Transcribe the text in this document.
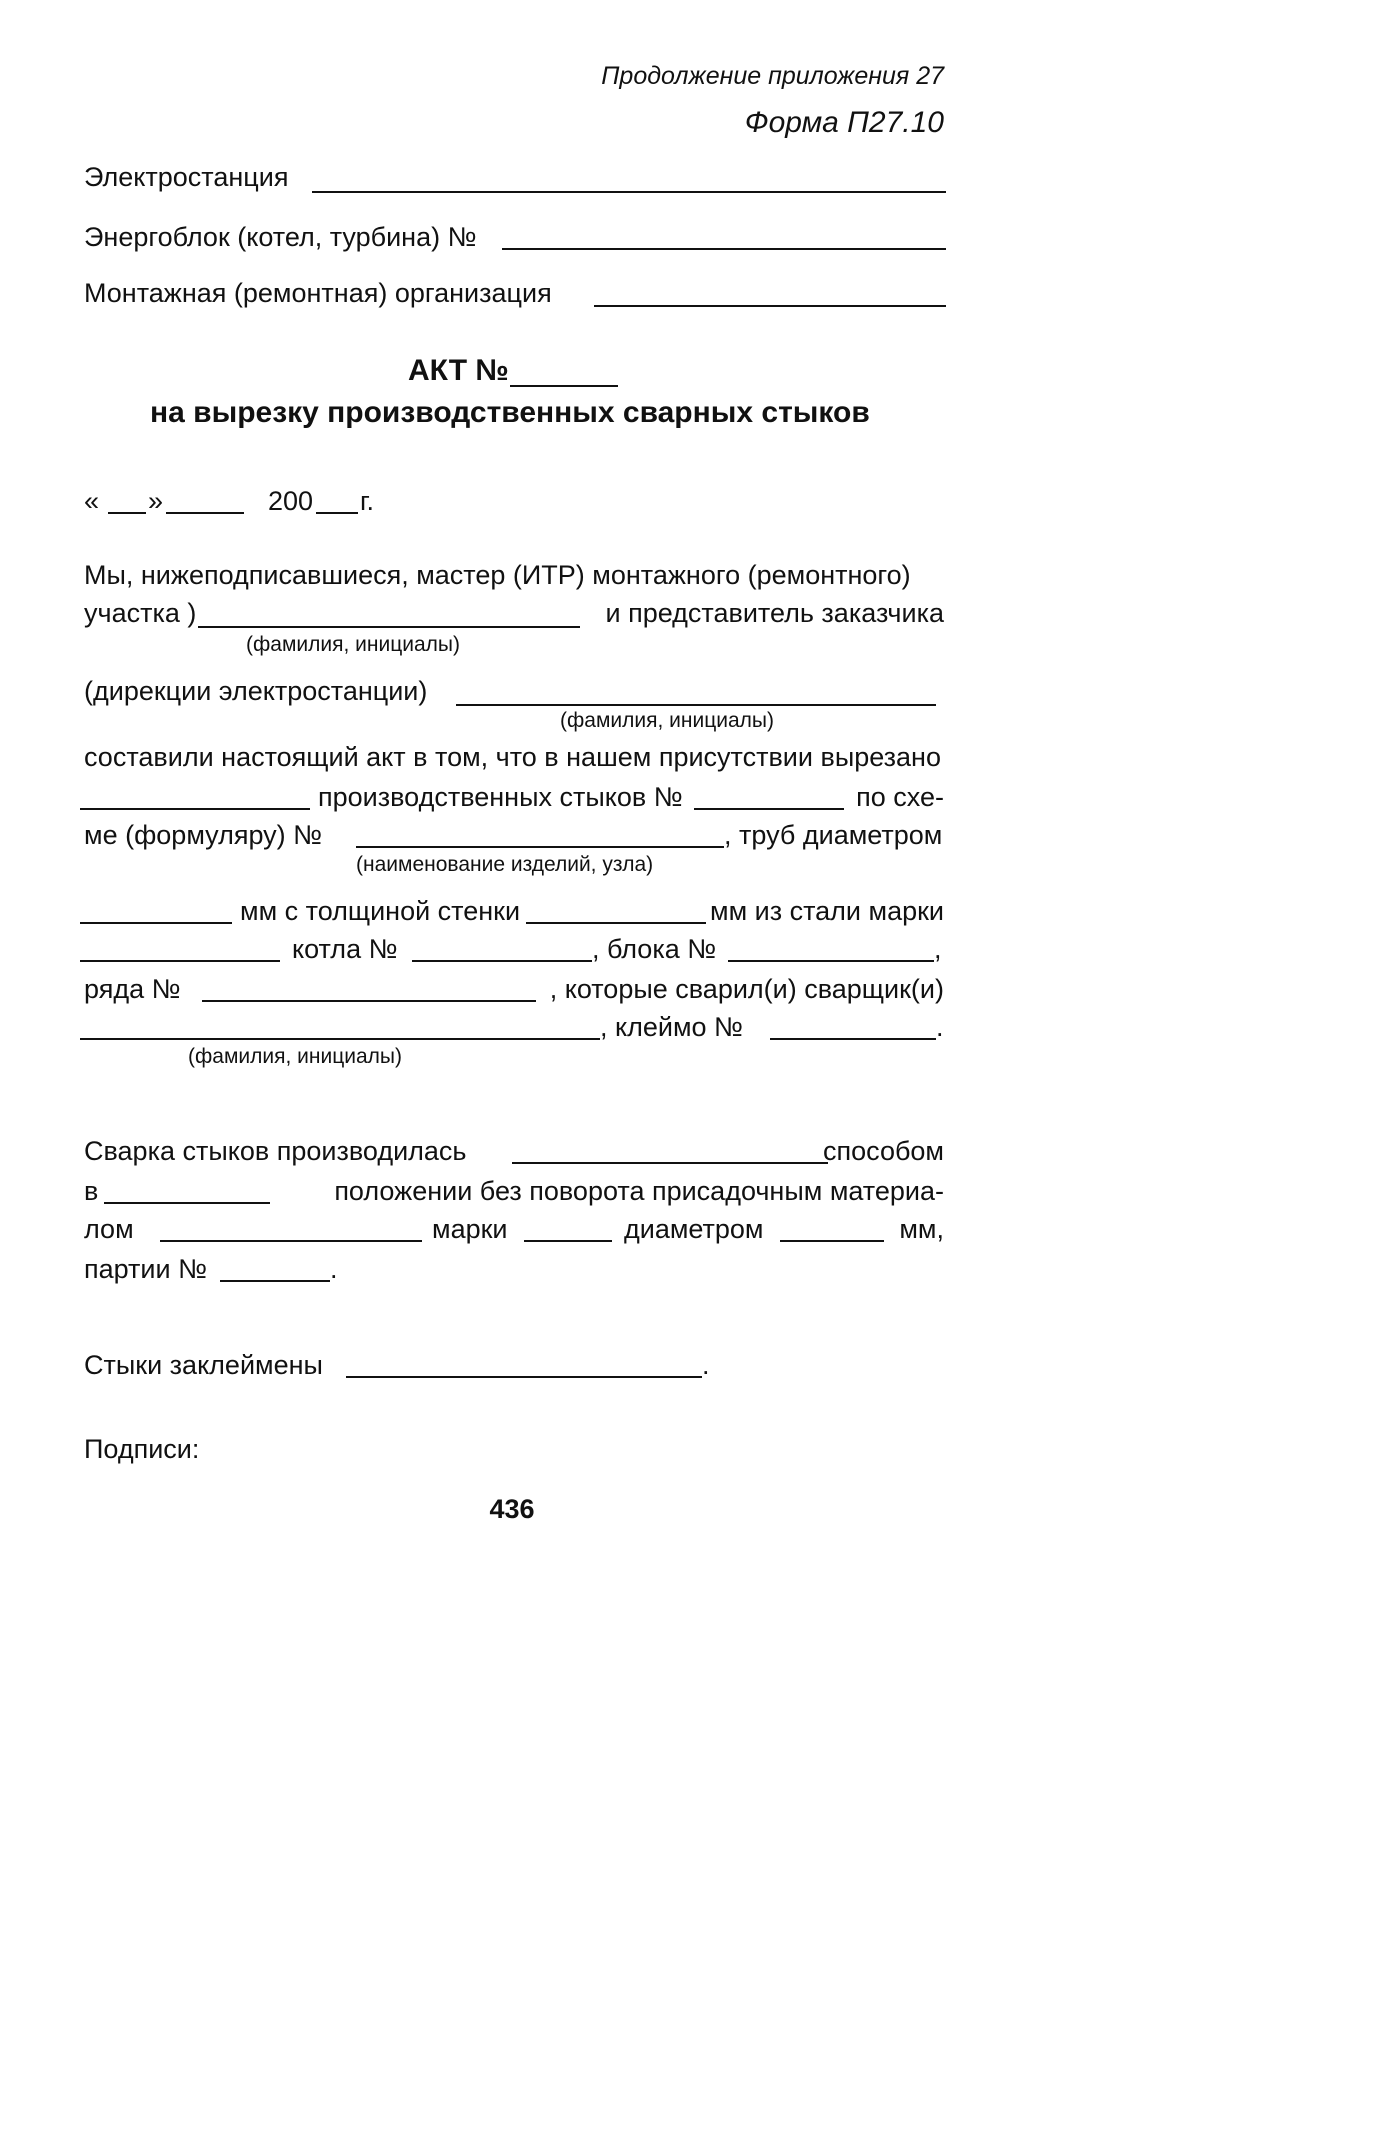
Продолжение приложения 27
Форма П27.10
Электростанция
Энергоблок (котел, турбина) №
Монтажная (ремонтная) организация
АКТ №
на вырезку производственных сварных стыков
« »	200 г.
Мы, нижеподписавшиеся, мастер (ИТР) монтажного (ремонтного)
участка )	и представитель заказчика
(фамилия, инициалы)
(дирекции электростанции)
(фамилия, инициалы)
составили настоящий акт в том, что в нашем присутствии вырезано
производственных стыков №	по схе-
ме (формуляру) №	, труб диаметром
(наименование изделий, узла)
мм с толщиной стенки	мм из стали марки
котла №	, блока №	,
ряда №	, которые сварил(и) сварщик(и)
, клеймо №	.
(фамилия, инициалы)
Сварка стыков производилась	способом
в	положении без поворота присадочным материа-
лом	марки	диаметром	мм,
партии №	.
Стыки заклеймены	.
Подписи:
436
